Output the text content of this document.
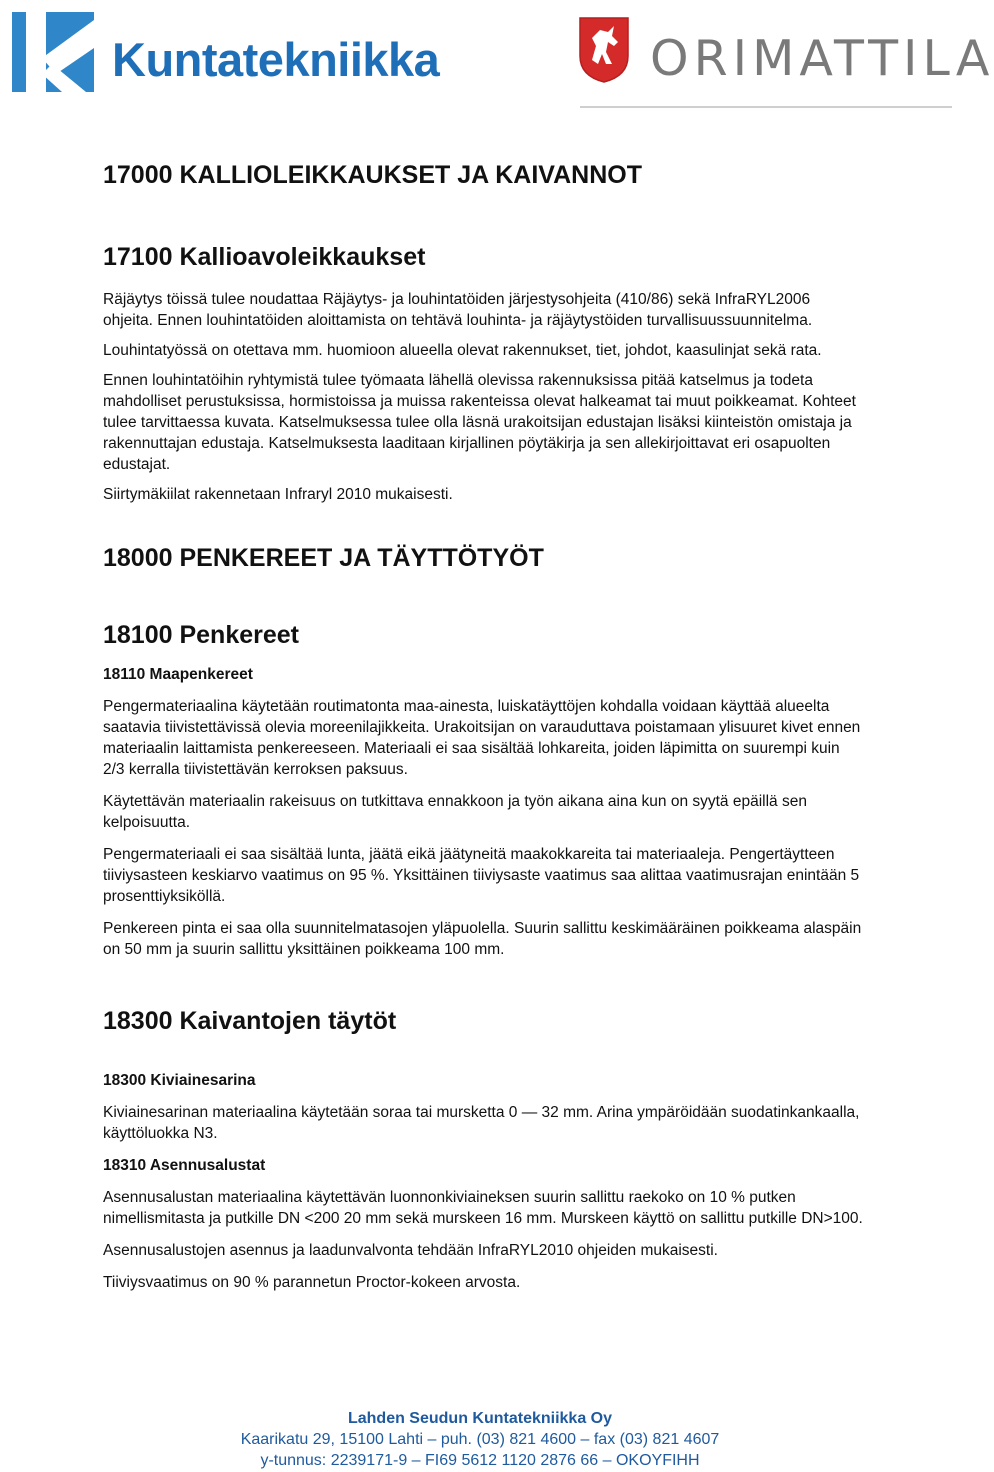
Kuntatekniikka	ORIMATTILA
17000 KALLIOLEIKKAUKSET JA KAIVANNOT
17100 Kallioavoleikkaukset

Räjäytys töissä tulee noudattaa Räjäytys- ja louhintatöiden järjestysohjeita (410/86) sekä InfraRYL2006 ohjeita. Ennen louhintatöiden aloittamista on tehtävä louhinta- ja räjäytystöiden turvallisuussuunnitelma.

Louhintatyössä on otettava mm. huomioon alueella olevat rakennukset, tiet, johdot, kaasulinjat sekä rata.

Ennen louhintatöihin ryhtymistä tulee työmaata lähellä olevissa rakennuksissa pitää katselmus ja todeta mahdolliset perustuksissa, hormistoissa ja muissa rakenteissa olevat halkeamat tai muut poikkeamat. Kohteet tulee tarvittaessa kuvata. Katselmuksessa tulee olla läsnä urakoitsijan edustajan lisäksi kiinteistön omistaja ja rakennuttajan edustaja. Katselmuksesta laaditaan kirjallinen pöytäkirja ja sen allekirjoittavat eri osapuolten edustajat.

Siirtymäkiilat rakennetaan Infraryl 2010 mukaisesti.

18000 PENKEREET JA TÄYTTÖTYÖT
18100 Penkereet
18110 Maapenkereet

Pengermateriaalina käytetään routimatonta maa-ainesta, luiskatäyttöjen kohdalla voidaan käyttää alueelta saatavia tiivistettävissä olevia moreenilajikkeita. Urakoitsijan on varauduttava poistamaan ylisuuret kivet ennen materiaalin laittamista penkereeseen. Materiaali ei saa sisältää lohkareita, joiden läpimitta on suurempi kuin 2/3 kerralla tiivistettävän kerroksen paksuus.

Käytettävän materiaalin rakeisuus on tutkittava ennakkoon ja työn aikana aina kun on syytä epäillä sen kelpoisuutta.

Pengermateriaali ei saa sisältää lunta, jäätä eikä jäätyneitä maakokkareita tai materiaaleja. Pengertäytteen tiiviysasteen keskiarvo vaatimus on 95 %. Yksittäinen tiiviysaste vaatimus saa alittaa vaatimusrajan enintään 5 prosenttiyksiköllä.

Penkereen pinta ei saa olla suunnitelmatasojen yläpuolella. Suurin sallittu keskimääräinen poikkeama alaspäin on 50 mm ja suurin sallittu yksittäinen poikkeama 100 mm.

18300 Kaivantojen täytöt
18300 Kiviainesarina

Kiviainesarinan materiaalina käytetään soraa tai murskettа 0 — 32 mm. Arina ympäröidään suodatinkankaalla, käyttöluokka N3.

18310 Asennusalustat

Asennusalustan materiaalina käytettävän luonnonkiviaineksen suurin sallittu raekoko on 10 % putken nimellismitasta ja putkille DN <200 20 mm sekä murskeen 16 mm. Murskeen käyttö on sallittu putkille DN>100.

Asennusalustojen asennus ja laadunvalvonta tehdään InfraRYL2010 ohjeiden mukaisesti.

Tiiviysvaatimus on 90 % parannetun Proctor-kokeen arvosta.

Lahden Seudun Kuntatekniikka Oy
Kaarikatu 29, 15100 Lahti – puh. (03) 821 4600 – fax (03) 821 4607
y-tunnus: 2239171-9 – FI69 5612 1120 2876 66 – OKOYFIHH
